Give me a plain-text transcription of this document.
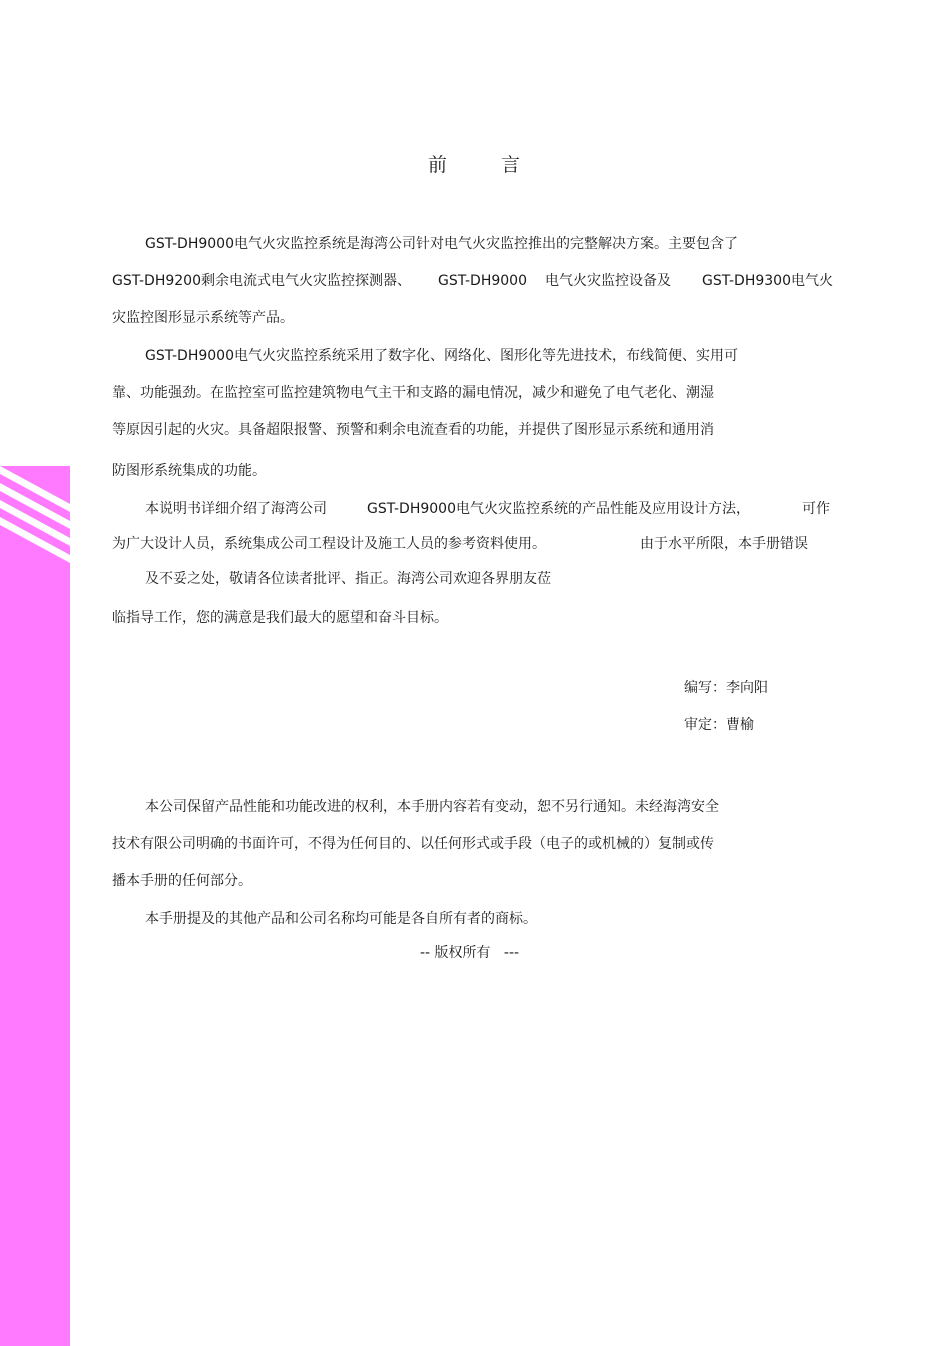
前	言
GST-DH9000电气火灾监控系统是海湾公司针对电气火灾监控推出的完整解决方案。主要包含了
GST-DH9200剩余电流式电气火灾监控探测器、 GST-DH9000 电气火灾监控设备及 GST-DH9300电气火
灾监控图形显示系统等产品。
GST-DH9000电气火灾监控系统采用了数字化、网络化、图形化等先进技术，布线简便、实用可
靠、功能强劲。在监控室可监控建筑物电气主干和支路的漏电情况，减少和避免了电气老化、潮湿
等原因引起的火灾。具备超限报警、预警和剩余电流查看的功能，并提供了图形显示系统和通用消
防图形系统集成的功能。
本说明书详细介绍了海湾公司	GST-DH9000电气火灾监控系统的产品性能及应用设计方法，	可作
为广大设计人员，系统集成公司工程设计及施工人员的参考资料使用。	由于水平所限，本手册错误
及不妥之处，敬请各位读者批评、指正。海湾公司欢迎各界朋友莅
临指导工作，您的满意是我们最大的愿望和奋斗目标。
编写：李向阳
审定：曹榆
本公司保留产品性能和功能改进的权利，本手册内容若有变动，恕不另行通知。未经海湾安全
技术有限公司明确的书面许可，不得为任何目的、以任何形式或手段（电子的或机械的）复制或传
播本手册的任何部分。
本手册提及的其他产品和公司名称均可能是各自所有者的商标。
-- 版权所有   ---
